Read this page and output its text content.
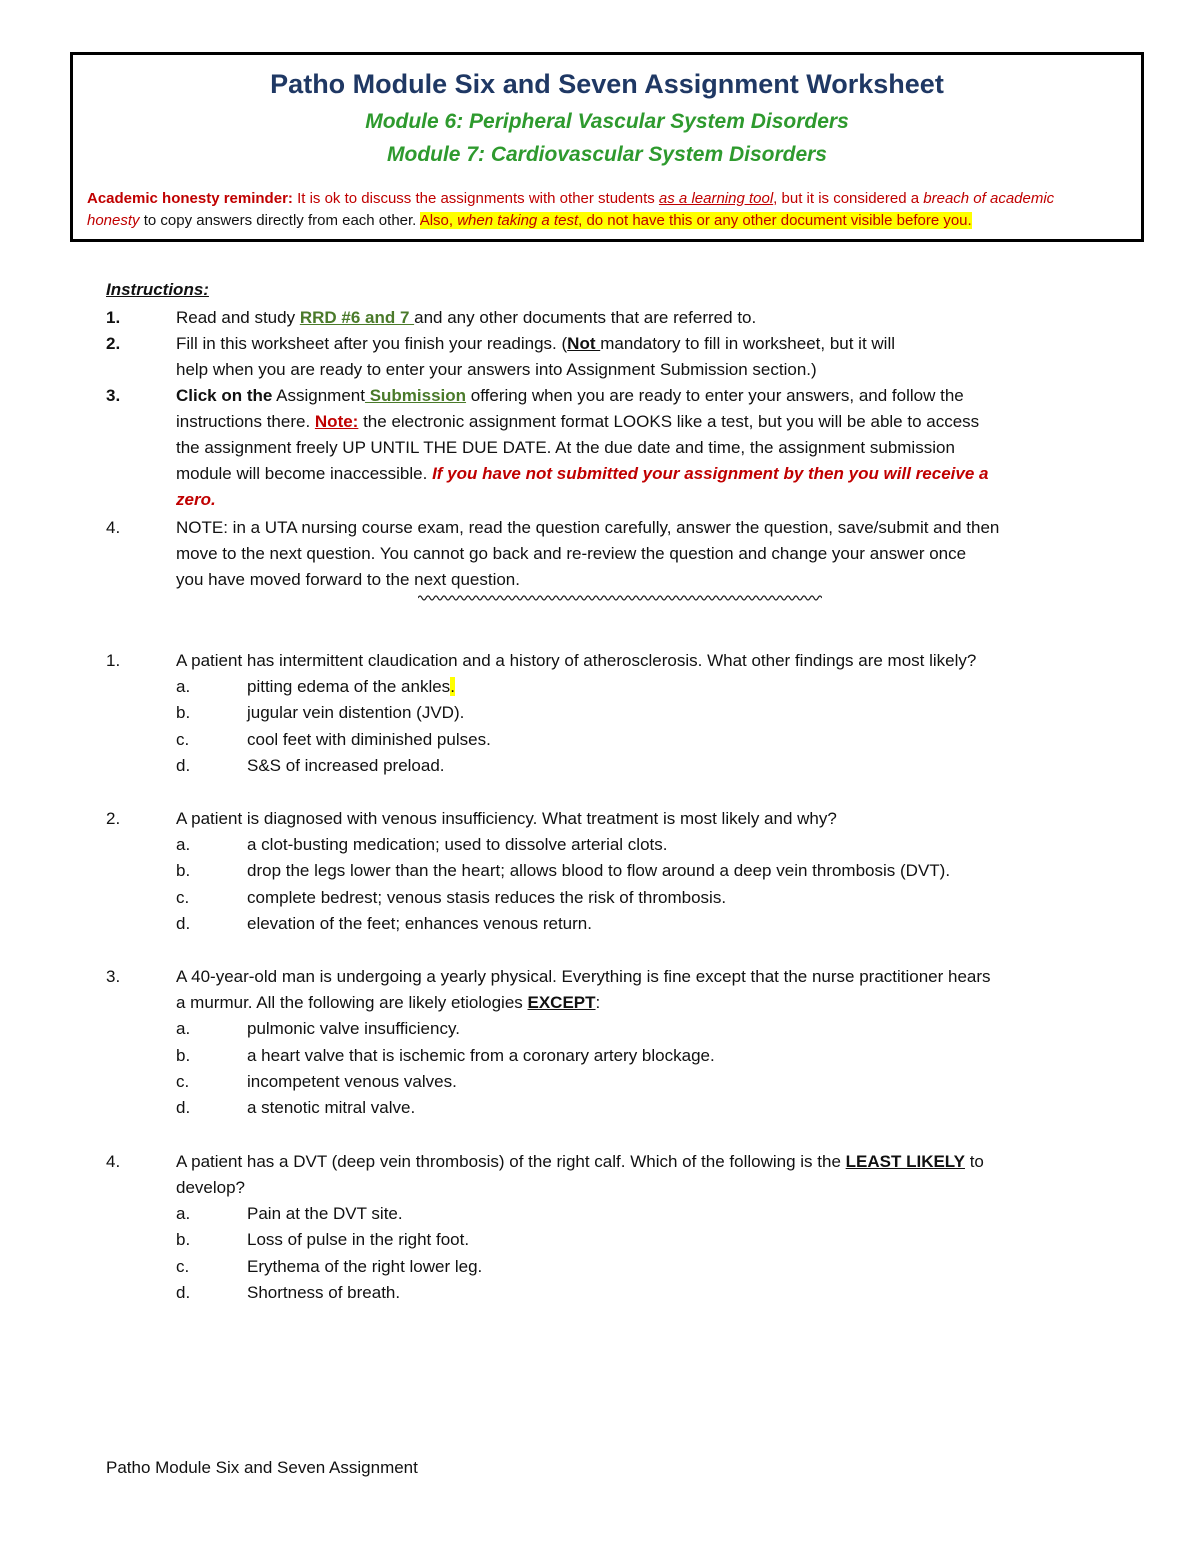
Patho Module Six and Seven Assignment Worksheet
Module 6: Peripheral Vascular System Disorders
Module 7: Cardiovascular System Disorders
Academic honesty reminder: It is ok to discuss the assignments with other students as a learning tool, but it is considered a breach of academic
honesty to copy answers directly from each other. Also, when taking a test, do not have this or any other document visible before you.
Instructions:
1.	Read and study RRD #6 and 7 and any other documents that are referred to.
2.	Fill in this worksheet after you finish your readings. (Not mandatory to fill in worksheet, but it will
help when you are ready to enter your answers into Assignment Submission section.)
3.	Click on the Assignment Submission offering when you are ready to enter your answers, and follow the
instructions there. Note: the electronic assignment format LOOKS like a test, but you will be able to access
the assignment freely UP UNTIL THE DUE DATE. At the due date and time, the assignment submission
module will become inaccessible. If you have not submitted your assignment by then you will receive a
zero.
4.	NOTE: in a UTA nursing course exam, read the question carefully, answer the question, save/submit and then
move to the next question. You cannot go back and re-review the question and change your answer once
you have moved forward to the next question.
1.	A patient has intermittent claudication and a history of atherosclerosis. What other findings are most likely?
a.	pitting edema of the ankles.
b.	jugular vein distention (JVD).
c.	cool feet with diminished pulses.
d.	S&S of increased preload.
2.	A patient is diagnosed with venous insufficiency. What treatment is most likely and why?
a.	a clot-busting medication; used to dissolve arterial clots.
b.	drop the legs lower than the heart; allows blood to flow around a deep vein thrombosis (DVT).
c.	complete bedrest; venous stasis reduces the risk of thrombosis.
d.	elevation of the feet; enhances venous return.
3.	A 40-year-old man is undergoing a yearly physical. Everything is fine except that the nurse practitioner hears
a murmur. All the following are likely etiologies EXCEPT:
a.	pulmonic valve insufficiency.
b.	a heart valve that is ischemic from a coronary artery blockage.
c.	incompetent venous valves.
d.	a stenotic mitral valve.
4.	A patient has a DVT (deep vein thrombosis) of the right calf. Which of the following is the LEAST LIKELY to
develop?
a.	Pain at the DVT site.
b.	Loss of pulse in the right foot.
c.	Erythema of the right lower leg.
d.	Shortness of breath.
Patho Module Six and Seven Assignment
